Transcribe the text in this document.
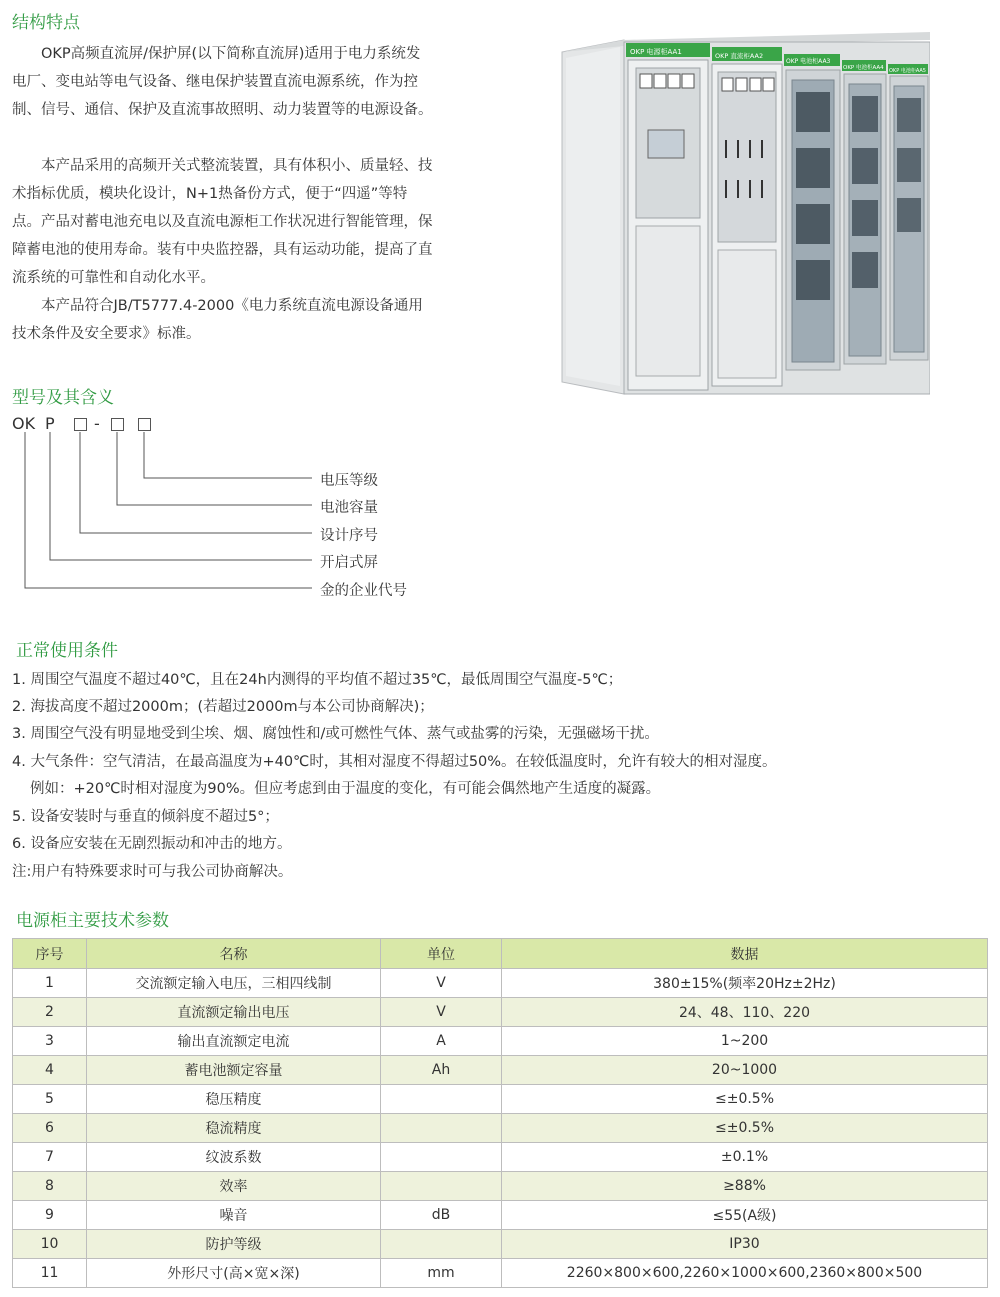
结构特点

OKP高频直流屏/保护屏(以下简称直流屏)适用于电力系统发电厂、变电站等电气设备、继电保护装置直流电源系统，作为控制、信号、通信、保护及直流事故照明、动力装置等的电源设备。

本产品采用的高频开关式整流装置，具有体积小、质量轻、技术指标优质，模块化设计，N+1热备份方式，便于“四遥”等特点。产品对蓄电池充电以及直流电源柜工作状况进行智能管理，保障蓄电池的使用寿命。装有中央监控器，具有运动功能，提高了直流系统的可靠性和自动化水平。

本产品符合JB/T5777.4-2000《电力系统直流电源设备通用技术条件及安全要求》标准。

OKP 电源柜AA1	OKP 直流柜AA2
OKP 电池柜AA3
OKP 电池柜AA4 OKP 电池柜AA5
型号及其含义
OK P -
电压等级
电池容量
设计序号
开启式屏
金的企业代号
正常使用条件
1. 周围空气温度不超过40℃，且在24h内测得的平均值不超过35℃，最低周围空气温度-5℃；
2. 海拔高度不超过2000m；(若超过2000m与本公司协商解决)；
3. 周围空气没有明显地受到尘埃、烟、腐蚀性和/或可燃性气体、蒸气或盐雾的污染，无强磁场干扰。
4. 大气条件：空气清洁，在最高温度为+40℃时，其相对湿度不得超过50%。在较低温度时，允许有较大的相对湿度。
例如：+20℃时相对湿度为90%。但应考虑到由于温度的变化，有可能会偶然地产生适度的凝露。
5. 设备安装时与垂直的倾斜度不超过5°；
6. 设备应安装在无剧烈振动和冲击的地方。
注:用户有特殊要求时可与我公司协商解决。
电源柜主要技术参数
序号	名称	单位	数据
1	交流额定输入电压，三相四线制	V	380±15%(频率20Hz±2Hz)
2	直流额定输出电压	V	24、48、110、220
3	输出直流额定电流	A	1~200
4	蓄电池额定容量	Ah	20~1000
5	稳压精度		≤±0.5%
6	稳流精度		≤±0.5%
7	纹波系数		±0.1%
8	效率		≥88%
9	噪音	dB	≤55(A级)
10	防护等级		IP30
11	外形尺寸(高×宽×深)	mm	2260×800×600,2260×1000×600,2360×800×500
